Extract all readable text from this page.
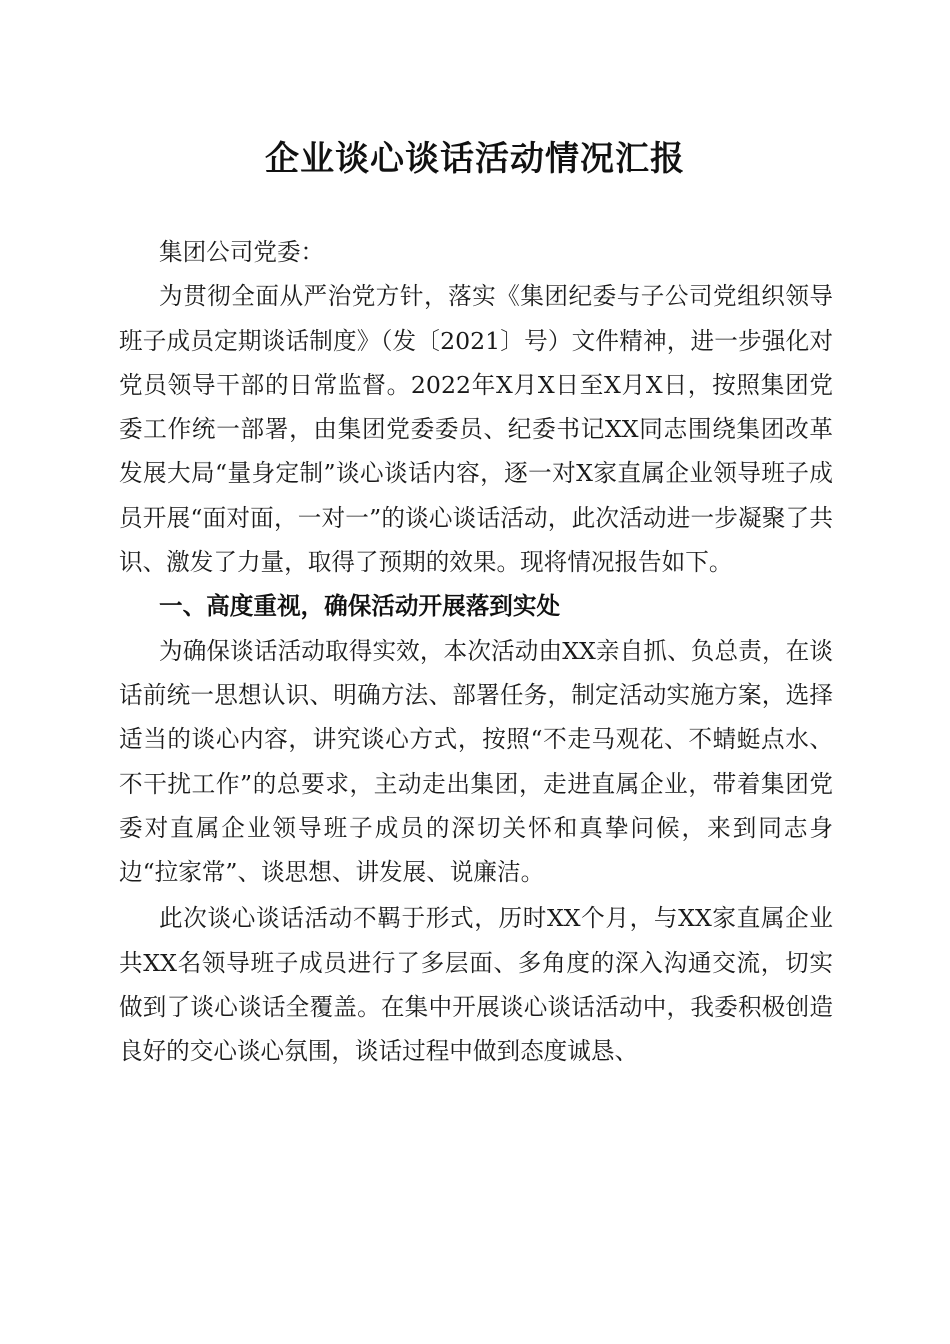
企业谈心谈话活动情况汇报

集团公司党委：

为贯彻全面从严治党方针，落实《集团纪委与子公司党组织领导班子成员定期谈话制度》（发〔2021〕号）文件精神，进一步强化对党员领导干部的日常监督。2022年X月X日至X月X日，按照集团党委工作统一部署，由集团党委委员、纪委书记XX同志围绕集团改革发展大局“量身定制”谈心谈话内容，逐一对X家直属企业领导班子成员开展“面对面，一对一”的谈心谈话活动，此次活动进一步凝聚了共识、激发了力量，取得了预期的效果。现将情况报告如下。

一、高度重视，确保活动开展落到实处

为确保谈话活动取得实效，本次活动由XX亲自抓、负总责，在谈话前统一思想认识、明确方法、部署任务，制定活动实施方案，选择适当的谈心内容，讲究谈心方式，按照“不走马观花、不蜻蜓点水、不干扰工作”的总要求，主动走出集团，走进直属企业，带着集团党委对直属企业领导班子成员的深切关怀和真挚问候，来到同志身边“拉家常”、谈思想、讲发展、说廉洁。

此次谈心谈话活动不羁于形式，历时XX个月，与XX家直属企业共XX名领导班子成员进行了多层面、多角度的深入沟通交流，切实做到了谈心谈话全覆盖。在集中开展谈心谈话活动中，我委积极创造良好的交心谈心氛围，谈话过程中做到态度诚恳、
